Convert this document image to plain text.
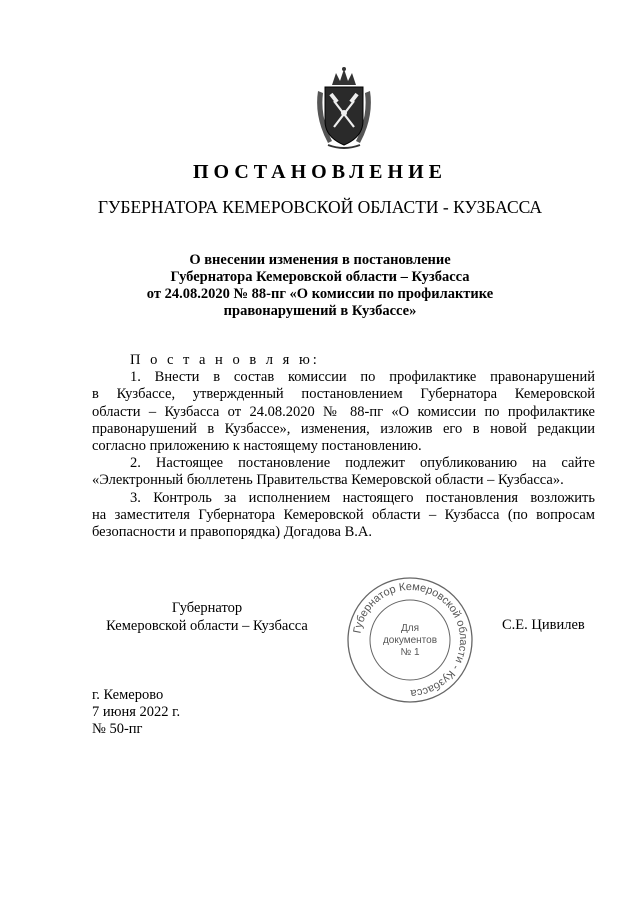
ПОСТАНОВЛЕНИЕ
ГУБЕРНАТОРА КЕМЕРОВСКОЙ ОБЛАСТИ - КУЗБАССА
О внесении изменения в постановление
Губернатора Кемеровской области – Кузбасса
от 24.08.2020 № 88-пг «О комиссии по профилактике
правонарушений в Кузбассе»
П о с т а н о в л я ю:
1. Внести в состав комиссии по профилактике правонарушений
в Кузбассе, утвержденный постановлением Губернатора Кемеровской
области – Кузбасса от 24.08.2020 № 88-пг «О комиссии по профилактике
правонарушений в Кузбассе», изменения, изложив его в новой редакции
согласно приложению к настоящему постановлению.
2. Настоящее постановление подлежит опубликованию на сайте
«Электронный бюллетень Правительства Кемеровской области – Кузбасса».
3. Контроль за исполнением настоящего постановления возложить
на заместителя Губернатора Кемеровской области – Кузбасса (по вопросам
безопасности и правопорядка) Догадова В.А.
Губернатор
Кемеровской области – Кузбасса	Губернатор Кемеровской области - Кузбасса
Для
документов
№ 1
С.Е. Цивилев
г. Кемерово
7 июня 2022 г.
№ 50-пг
